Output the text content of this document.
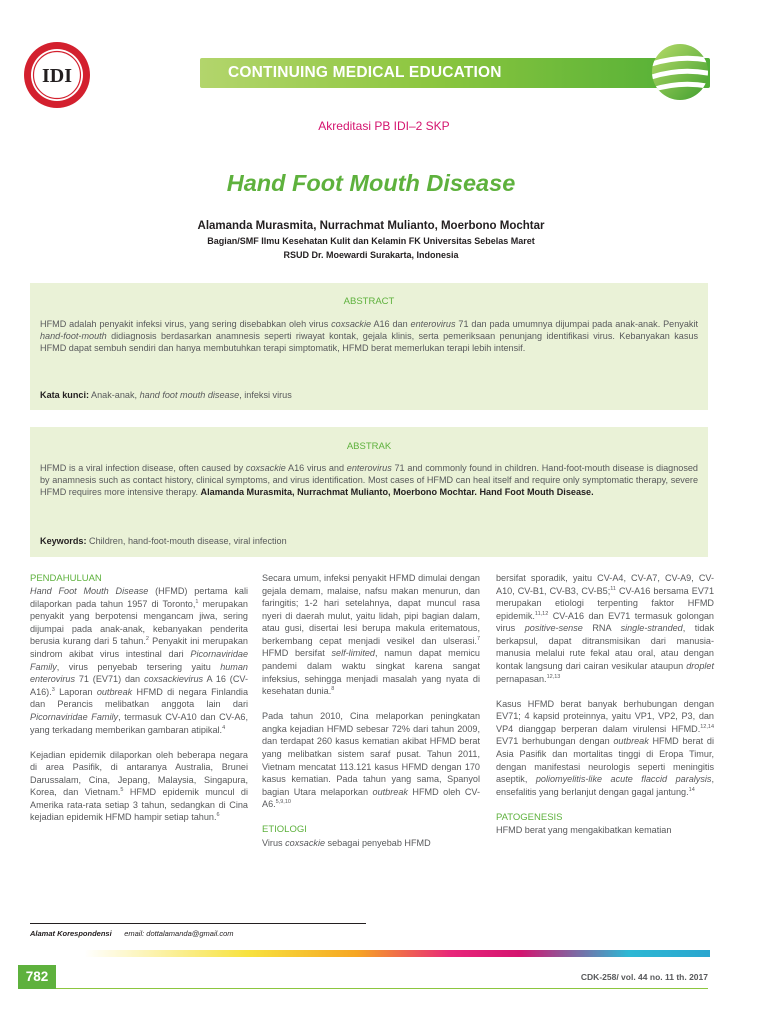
IDI	CONTINUING MEDICAL EDUCATION
Akreditasi PB IDI–2 SKP
Hand Foot Mouth Disease
Alamanda Murasmita, Nurrachmat Mulianto, Moerbono Mochtar
Bagian/SMF Ilmu Kesehatan Kulit dan Kelamin FK Universitas Sebelas Maret
RSUD Dr. Moewardi Surakarta, Indonesia
ABSTRACT
HFMD adalah penyakit infeksi virus, yang sering disebabkan oleh virus coxsackie A16 dan enterovirus 71 dan pada umumnya dijumpai pada anak-anak. Penyakit hand-foot-mouth didiagnosis berdasarkan anamnesis seperti riwayat kontak, gejala klinis, serta pemeriksaan penunjang identifikasi virus. Kebanyakan kasus HFMD dapat sembuh sendiri dan hanya membutuhkan terapi simptomatik, HFMD berat memerlukan terapi lebih intensif.
Kata kunci: Anak-anak, hand foot mouth disease, infeksi virus
ABSTRAK
HFMD is a viral infection disease, often caused by coxsackie A16 virus and enterovirus 71 and commonly found in children. Hand-foot-mouth disease is diagnosed by anamnesis such as contact history, clinical symptoms, and virus identification. Most cases of HFMD can heal itself and require only symptomatic therapy, severe HFMD requires more intensive therapy. Alamanda Murasmita, Nurrachmat Mulianto, Moerbono Mochtar. Hand Foot Mouth Disease.
Keywords: Children, hand-foot-mouth disease, viral infection
PENDAHULUAN

Hand Foot Mouth Disease (HFMD) pertama kali dilaporkan pada tahun 1957 di Toronto,$^1$ merupakan penyakit yang berpotensi mengancam jiwa, sering dijumpai pada anak-anak, kebanyakan penderita berusia kurang dari 5 tahun.$^2$ Penyakit ini merupakan sindrom akibat virus intestinal dari Picornaviridae Family, virus penyebab tersering yaitu human enterovirus 71 (EV71) dan coxsackievirus A 16 (CV-A16).$^3$ Laporan outbreak HFMD di negara Finlandia dan Perancis melibatkan anggota lain dari Picornaviridae Family, termasuk CV-A10 dan CV-A6, yang terkadang memberikan gambaran atipikal.$^4$

Kejadian epidemik dilaporkan oleh beberapa negara di area Pasifik, di antaranya Australia, Brunei Darussalam, Cina, Jepang, Malaysia, Singapura, Korea, dan Vietnam.$^5$ HFMD epidemik muncul di Amerika rata-rata setiap 3 tahun, sedangkan di Cina kejadian epidemik HFMD hampir setiap tahun.$^6$

Secara umum, infeksi penyakit HFMD dimulai dengan gejala demam, malaise, nafsu makan menurun, dan faringitis; 1-2 hari setelahnya, dapat muncul rasa nyeri di daerah mulut, yaitu lidah, pipi bagian dalam, atau gusi, disertai lesi berupa makula eritematous, berkembang cepat menjadi vesikel dan ulserasi.$^7$ HFMD bersifat self-limited, namun dapat memicu pandemi dalam waktu singkat karena sangat infeksius, sehingga menjadi masalah yang nyata di kesehatan dunia.$^8$

Pada tahun 2010, Cina melaporkan peningkatan angka kejadian HFMD sebesar 72% dari tahun 2009, dan terdapat 260 kasus kematian akibat HFMD berat yang melibatkan sistem saraf pusat. Tahun 2011, Vietnam mencatat 113.121 kasus HFMD dengan 170 kasus kematian. Pada tahun yang sama, Spanyol bagian Utara melaporkan outbreak HFMD oleh CV-A6.$^{5,9,10}$

ETIOLOGI

Virus coxsackie sebagai penyebab HFMD

bersifat sporadik, yaitu CV-A4, CV-A7, CV-A9, CV-A10, CV-B1, CV-B3, CV-B5;$^{11}$ CV-A16 bersama EV71 merupakan etiologi terpenting faktor HFMD epidemik.$^{11,12}$ CV-A16 dan EV71 termasuk golongan virus positive-sense RNA single-stranded, tidak berkapsul, dapat ditransmisikan dari manusia-manusia melalui rute fekal atau oral, atau dengan kontak langsung dari cairan vesikular ataupun droplet pernapasan.$^{12,13}$

Kasus HFMD berat banyak berhubungan dengan EV71; 4 kapsid proteinnya, yaitu VP1, VP2, P3, dan VP4 dianggap berperan dalam virulensi HFMD.$^{12,14}$ EV71 berhubungan dengan outbreak HFMD berat di Asia Pasifik dan mortalitas tinggi di Eropa Timur, dengan manifestasi neurologis seperti meningitis aseptik, poliomyelitis-like acute flaccid paralysis, ensefalitis yang berlanjut dengan gagal jantung.$^{14}$

PATOGENESIS

HFMD berat yang mengakibatkan kematian

Alamat Korespondensi email: dottalamanda@gmail.com
782	CDK-258/ vol. 44 no. 11 th. 2017
